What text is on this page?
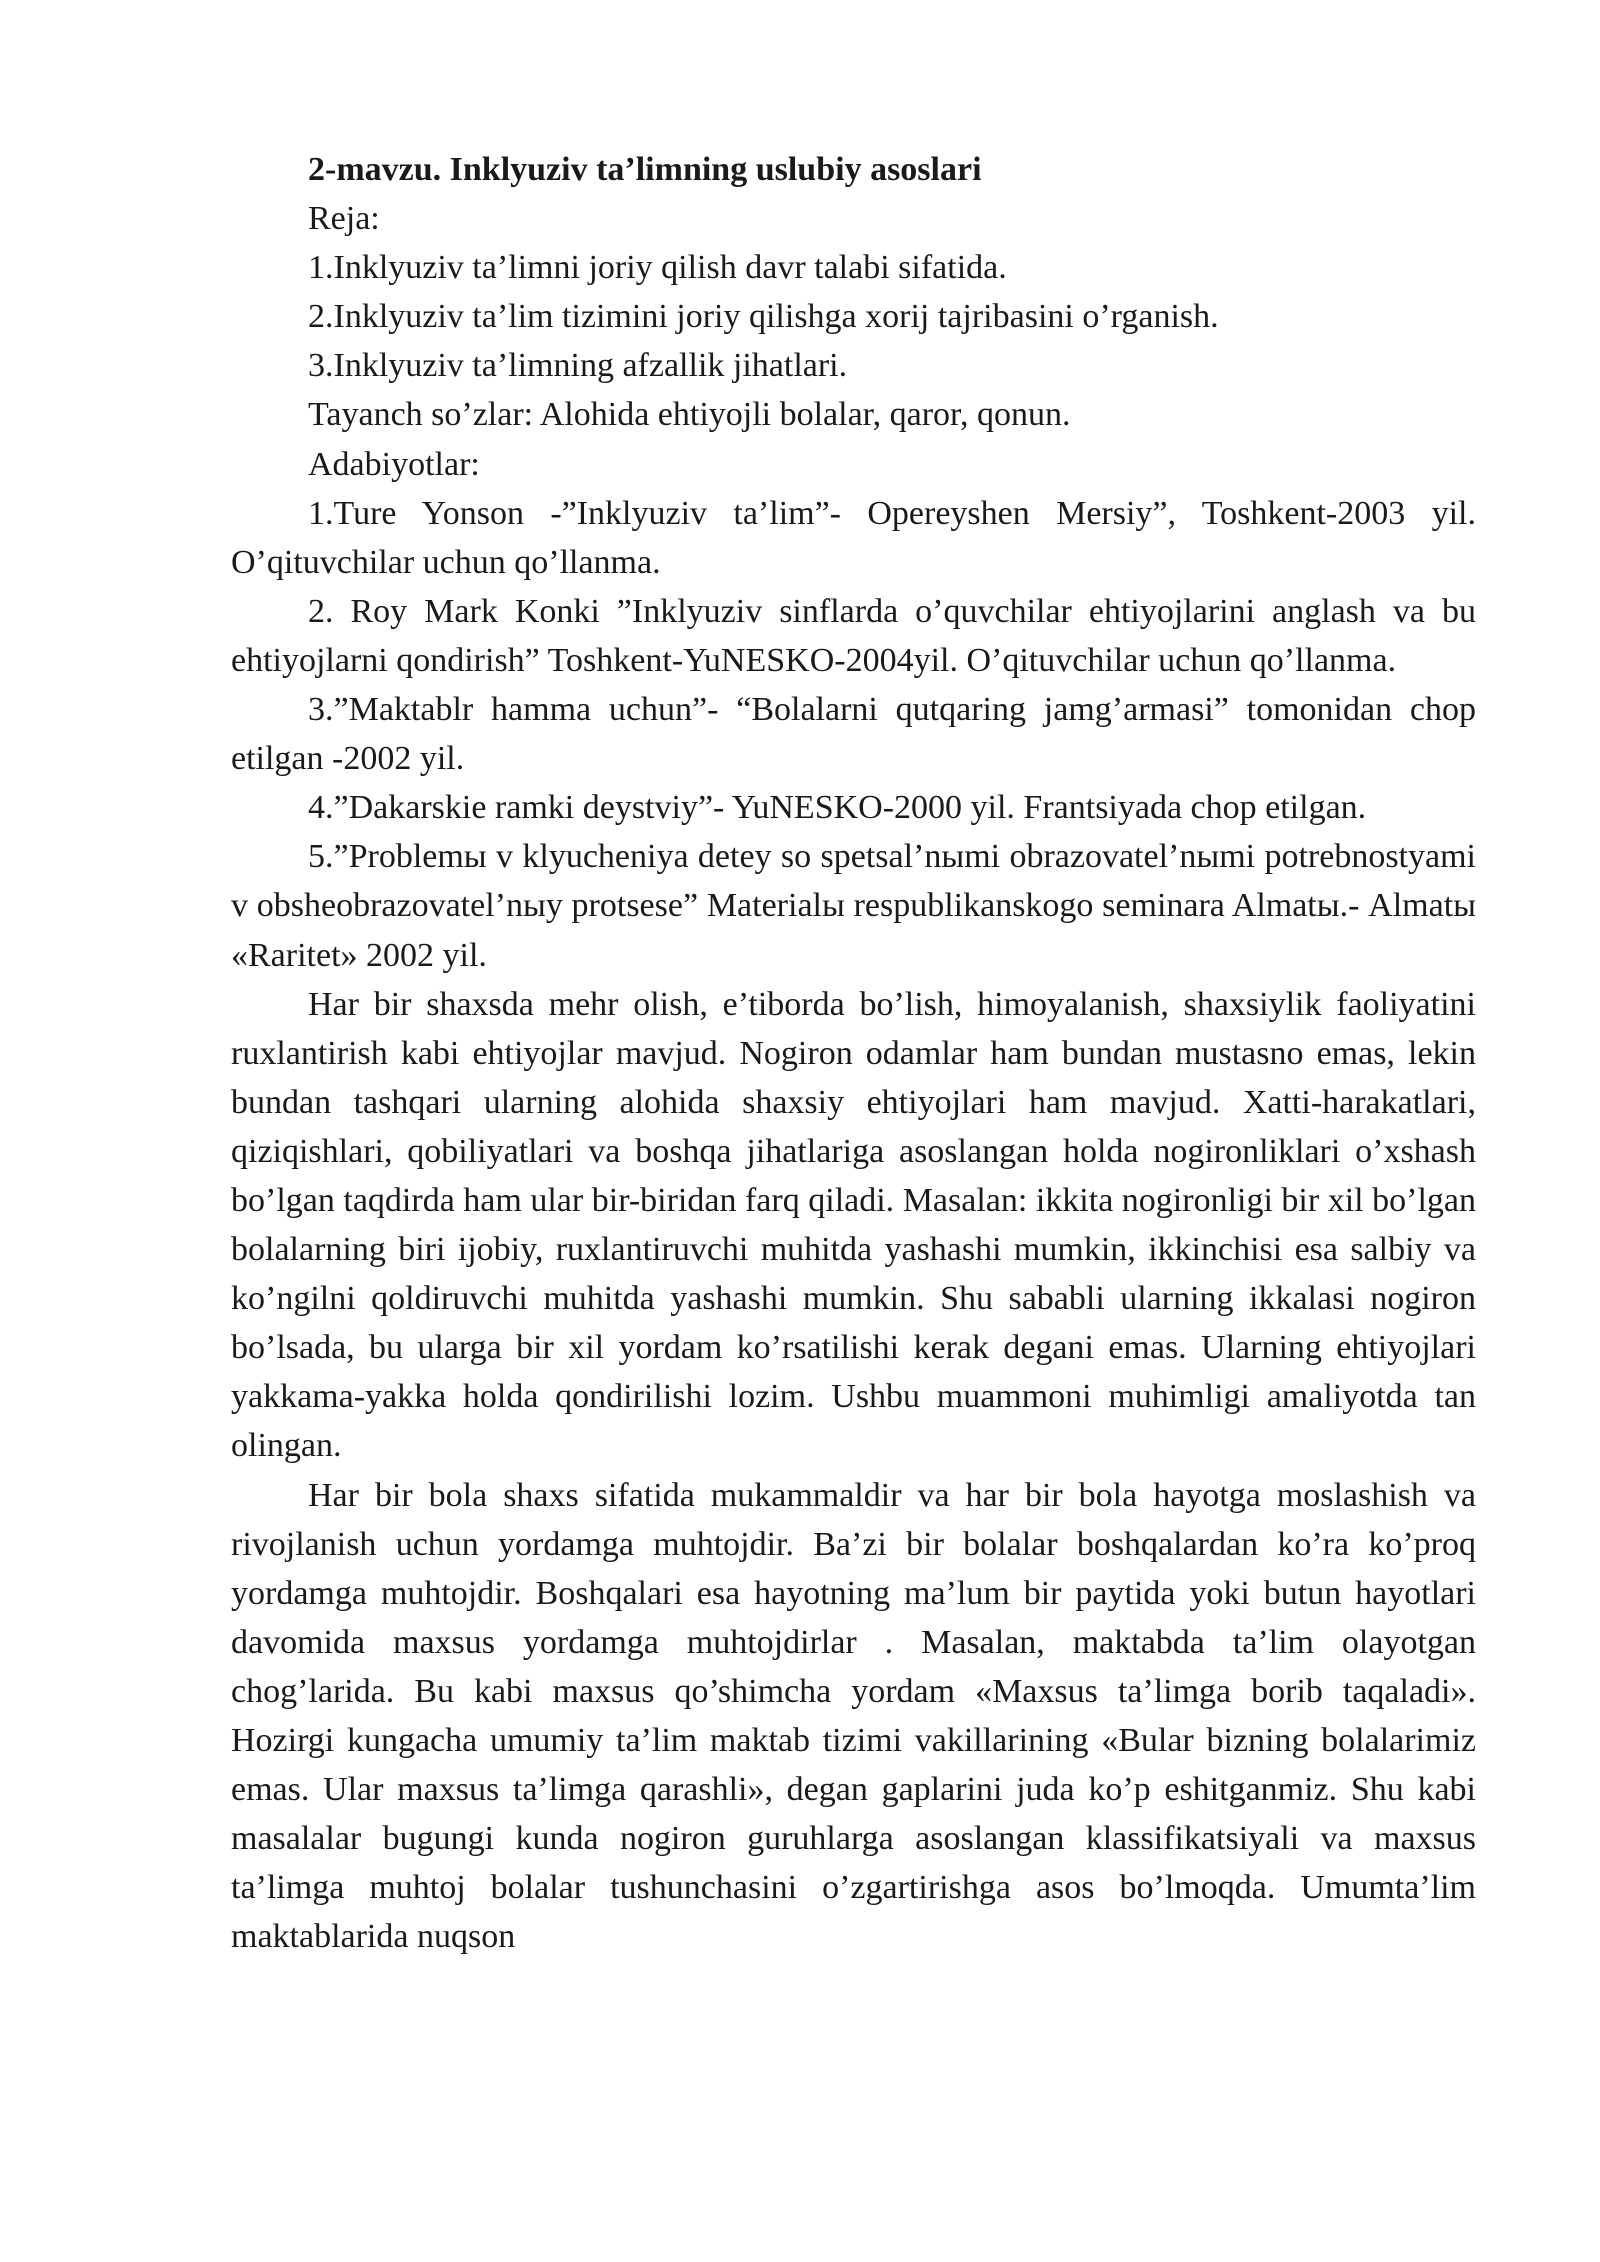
2-mavzu. Inklyuziv ta’limning uslubiy asoslari

Reja:

1.Inklyuziv ta’limni joriy qilish davr talabi sifatida.

2.Inklyuziv ta’lim tizimini joriy qilishga xorij tajribasini o’rganish.

3.Inklyuziv ta’limning afzallik jihatlari.

Tayanch so’zlar: Alohida ehtiyojli bolalar, qaror, qonun.

Adabiyotlar:

1.Ture Yonson -”Inklyuziv ta’lim”- Opereyshen Mersiy”, Toshkent-2003 yil. O’qituvchilar uchun qo’llanma.

2. Roy Mark Konki ”Inklyuziv sinflarda o’quvchilar ehtiyojlarini anglash va bu ehtiyojlarni qondirish” Toshkent-YuNESKO-2004yil. O’qituvchilar uchun qo’llanma.

3.”Maktablr hamma uchun”- “Bolalarni qutqaring jamg’armasi” tomonidan chop etilgan -2002 yil.

4.”Dakarskie ramki deystviy”- YuNESKO-2000 yil. Frantsiyada chop etilgan.

5.”Problemы v klyucheniya detey so spetsal’nыmi obrazovatel’nыmi potrebnostyami v obsheobrazovatel’nыy protsese” Materialы respublikanskogo seminara Almatы.- Almatы «Raritet» 2002 yil.

Har bir shaxsda mehr olish, e’tiborda bo’lish, himoyalanish, shaxsiylik faoliyatini ruxlantirish kabi ehtiyojlar mavjud. Nogiron odamlar ham bundan mustasno emas, lekin bundan tashqari ularning alohida shaxsiy ehtiyojlari ham mavjud. Xatti-harakatlari, qiziqishlari, qobiliyatlari va boshqa jihatlariga asoslangan holda nogironliklari o’xshash bo’lgan taqdirda ham ular bir-biridan farq qiladi. Masalan: ikkita nogironligi bir xil bo’lgan bolalarning biri ijobiy, ruxlantiruvchi muhitda yashashi mumkin, ikkinchisi esa salbiy va ko’ngilni qoldiruvchi muhitda yashashi mumkin. Shu sababli ularning ikkalasi nogiron bo’lsada, bu ularga bir xil yordam ko’rsatilishi kerak degani emas. Ularning ehtiyojlari yakkama-yakka holda qondirilishi lozim. Ushbu muammoni muhimligi amaliyotda tan olingan.

Har bir bola shaxs sifatida mukammaldir va har bir bola hayotga moslashish va rivojlanish uchun yordamga muhtojdir. Ba’zi bir bolalar boshqalardan ko’ra ko’proq yordamga muhtojdir. Boshqalari esa hayotning ma’lum bir paytida yoki butun hayotlari davomida maxsus yordamga muhtojdirlar . Masalan, maktabda ta’lim olayotgan chog’larida. Bu kabi maxsus qo’shimcha yordam «Maxsus ta’limga borib taqaladi». Hozirgi kungacha umumiy ta’lim maktab tizimi vakillarining «Bular bizning bolalarimiz emas. Ular maxsus ta’limga qarashli», degan gaplarini juda ko’p eshitganmiz. Shu kabi masalalar bugungi kunda nogiron guruhlarga asoslangan klassifikatsiyali va maxsus ta’limga muhtoj bolalar tushunchasini o’zgartirishga asos bo’lmoqda. Umumta’lim maktablarida nuqson
